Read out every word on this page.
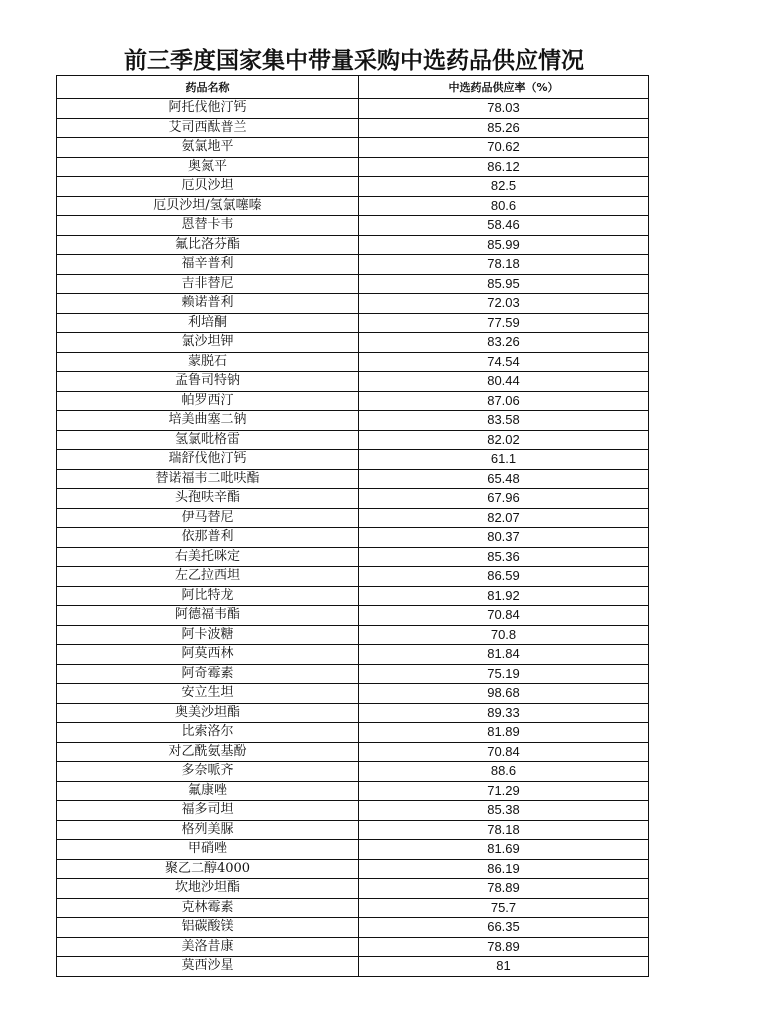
前三季度国家集中带量采购中选药品供应情况
药品名称	中选药品供应率（%）
阿托伐他汀钙	78.03
艾司西酞普兰	85.26
氨氯地平	70.62
奥氮平	86.12
厄贝沙坦	82.5
厄贝沙坦/氢氯噻嗪	80.6
恩替卡韦	58.46
氟比洛芬酯	85.99
福辛普利	78.18
吉非替尼	85.95
赖诺普利	72.03
利培酮	77.59
氯沙坦钾	83.26
蒙脱石	74.54
孟鲁司特钠	80.44
帕罗西汀	87.06
培美曲塞二钠	83.58
氢氯吡格雷	82.02
瑞舒伐他汀钙	61.1
替诺福韦二吡呋酯	65.48
头孢呋辛酯	67.96
伊马替尼	82.07
依那普利	80.37
右美托咪定	85.36
左乙拉西坦	86.59
阿比特龙	81.92
阿德福韦酯	70.84
阿卡波糖	70.8
阿莫西林	81.84
阿奇霉素	75.19
安立生坦	98.68
奥美沙坦酯	89.33
比索洛尔	81.89
对乙酰氨基酚	70.84
多奈哌齐	88.6
氟康唑	71.29
福多司坦	85.38
格列美脲	78.18
甲硝唑	81.69
聚乙二醇4000	86.19
坎地沙坦酯	78.89
克林霉素	75.7
铝碳酸镁	66.35
美洛昔康	78.89
莫西沙星	81
